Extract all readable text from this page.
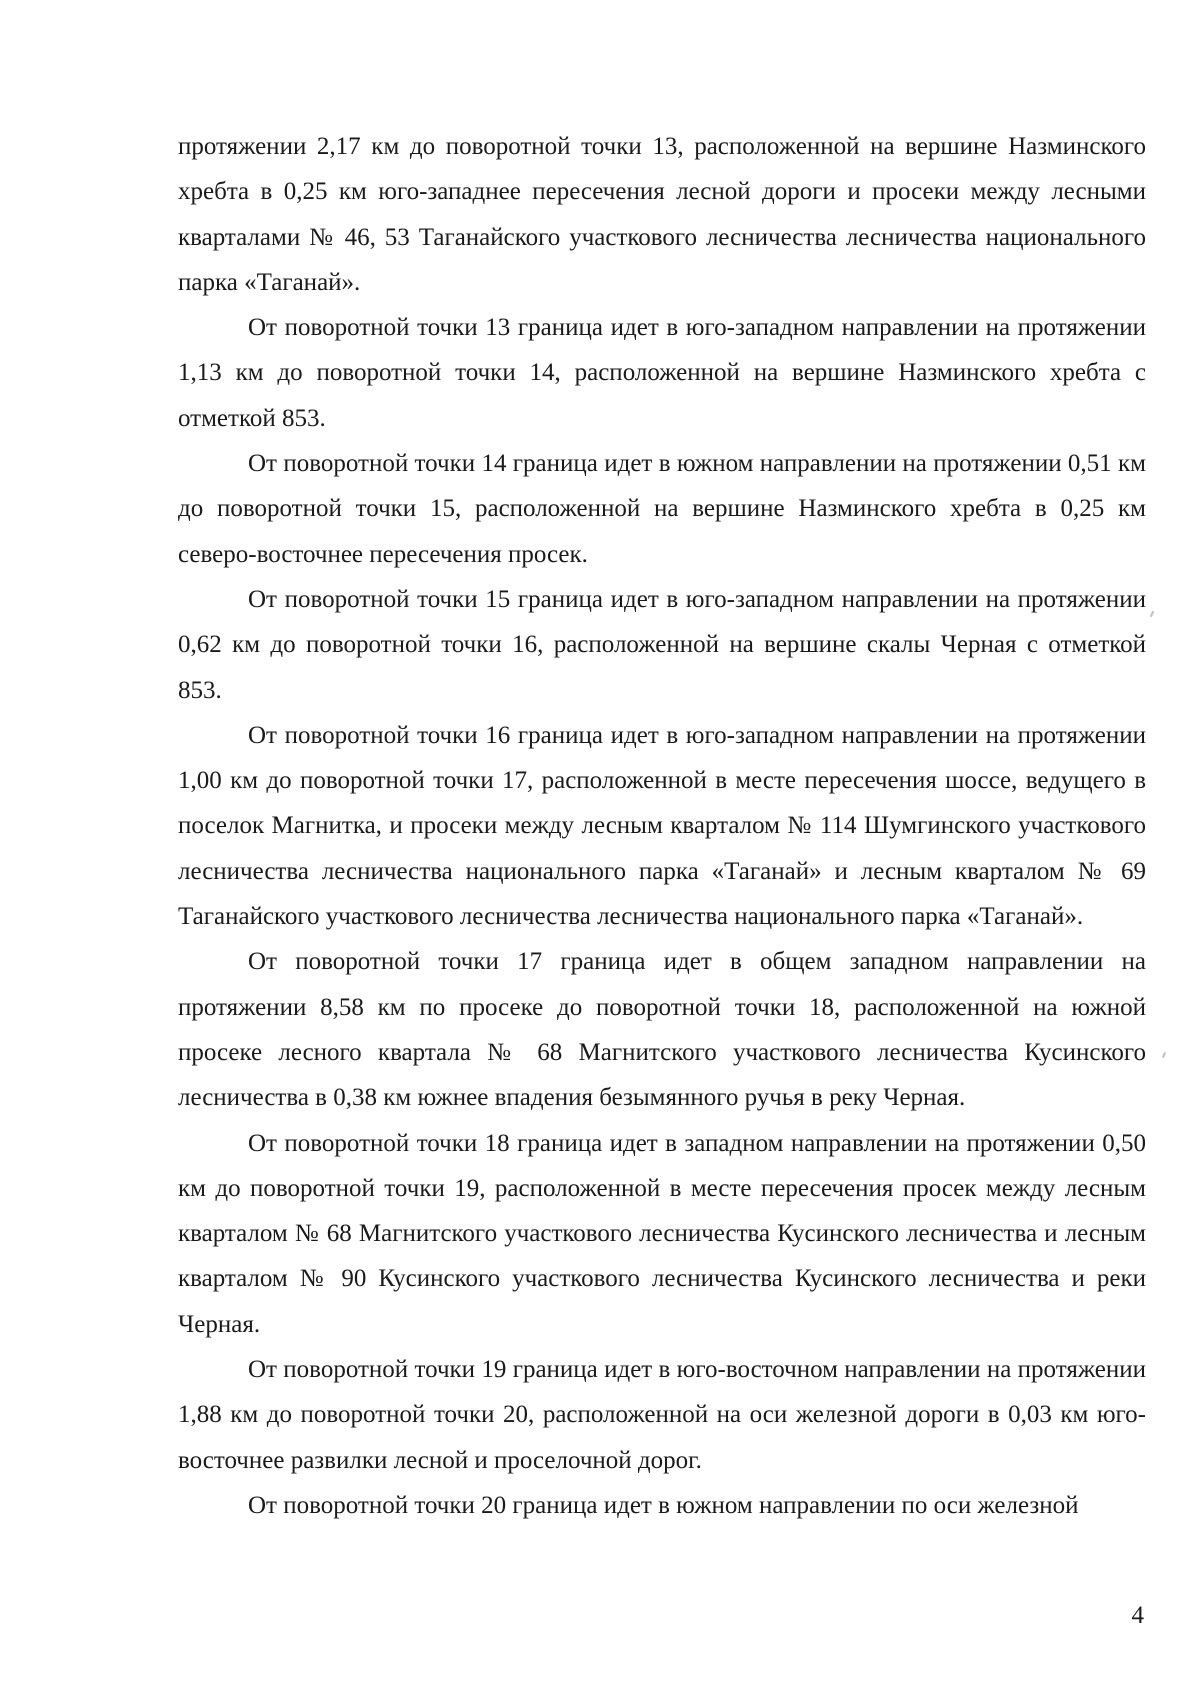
протяжении 2,17 км до поворотной точки 13, расположенной на вершине Назминского хребта в 0,25 км юго-западнее пересечения лесной дороги и просеки между лесными кварталами № 46, 53 Таганайского участкового лесничества лесничества национального парка «Таганай».

От поворотной точки 13 граница идет в юго-западном направлении на протяжении 1,13 км до поворотной точки 14, расположенной на вершине Назминского хребта с отметкой 853.

От поворотной точки 14 граница идет в южном направлении на протяжении 0,51 км до поворотной точки 15, расположенной на вершине Назминского хребта в 0,25 км северо-восточнее пересечения просек.

От поворотной точки 15 граница идет в юго-западном направлении на протяжении 0,62 км до поворотной точки 16, расположенной на вершине скалы Черная с отметкой 853.

От поворотной точки 16 граница идет в юго-западном направлении на протяжении 1,00 км до поворотной точки 17, расположенной в месте пересечения шоссе, ведущего в поселок Магнитка, и просеки между лесным кварталом № 114 Шумгинского участкового лесничества лесничества национального парка «Таганай» и лесным кварталом № 69 Таганайского участкового лесничества лесничества национального парка «Таганай».

От поворотной точки 17 граница идет в общем западном направлении на протяжении 8,58 км по просеке до поворотной точки 18, расположенной на южной просеке лесного квартала № 68 Магнитского участкового лесничества Кусинского лесничества в 0,38 км южнее впадения безымянного ручья в реку Черная.

От поворотной точки 18 граница идет в западном направлении на протяжении 0,50 км до поворотной точки 19, расположенной в месте пересечения просек между лесным кварталом № 68 Магнитского участкового лесничества Кусинского лесничества и лесным кварталом № 90 Кусинского участкового лесничества Кусинского лесничества и реки Черная.

От поворотной точки 19 граница идет в юго-восточном направлении на протяжении 1,88 км до поворотной точки 20, расположенной на оси железной дороги в 0,03 км юго-восточнее развилки лесной и проселочной дорог.

От поворотной точки 20 граница идет в южном направлении по оси железной

4
